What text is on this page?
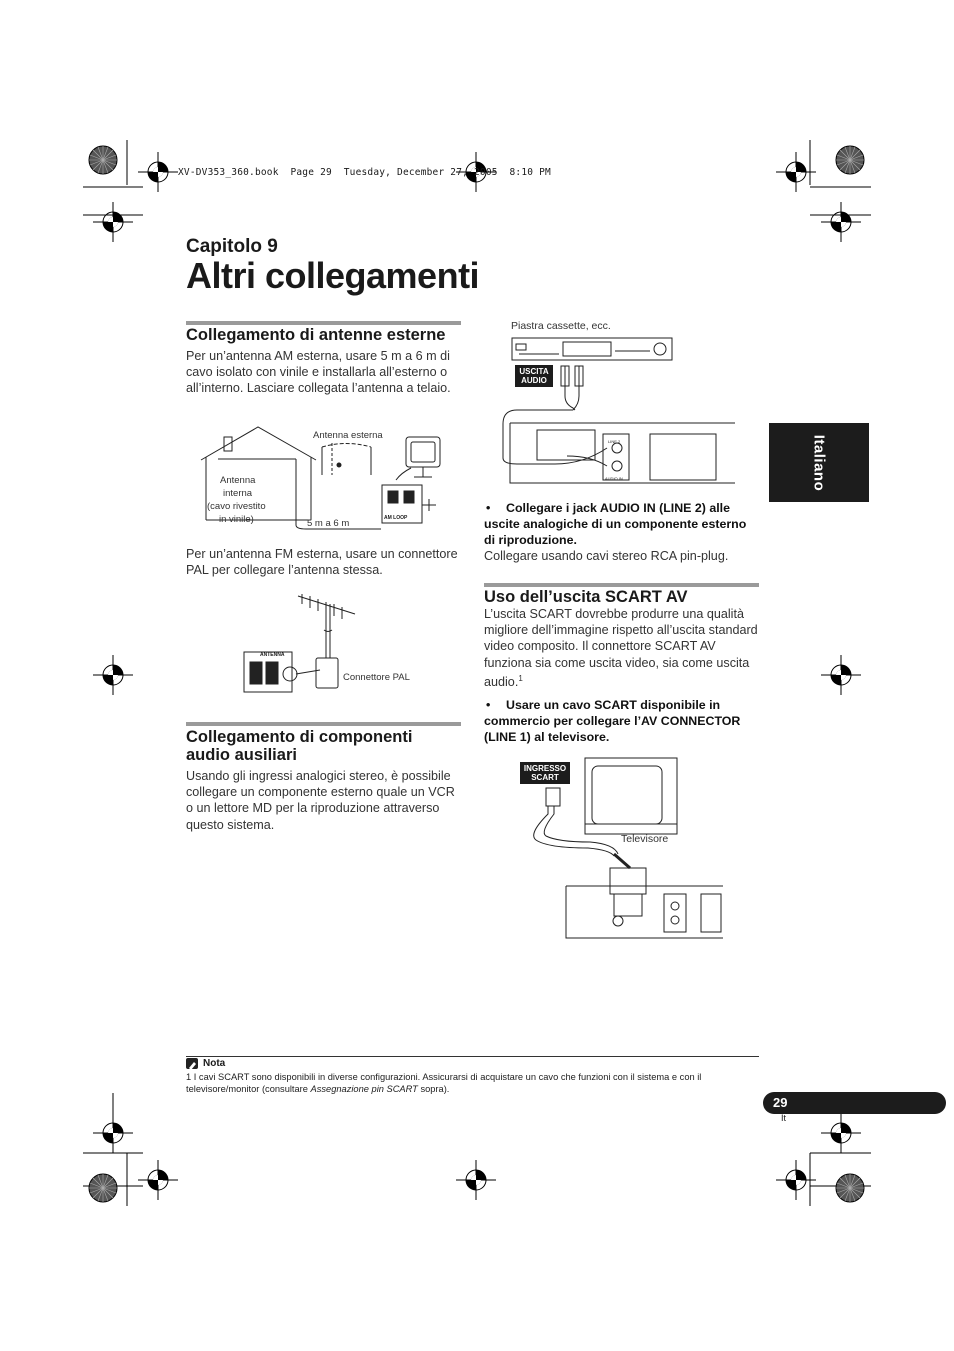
XV-DV353_360.book  Page 29  Tuesday, December 27, 2005  8:10 PM
Capitolo 9
Altri collegamenti
Italiano
Collegamento di antenne esterne
Per un’antenna AM esterna, usare 5 m a 6 m di cavo isolato con vinile e installarla all’esterno o all’interno. Lasciare collegata l’antenna a telaio.
Antenna esterna
Antenna
interna
(cavo rivestito
in vinile)	5 m a 6 m	AM LOOP
Per un’antenna FM esterna, usare un connettore PAL per collegare l’antenna stessa.
ANTENNA
Connettore PAL
Collegamento di componenti
audio ausiliari
Usando gli ingressi analogici stereo, è possibile collegare un componente esterno quale un VCR o un lettore MD per la riproduzione attraverso questo sistema.
Piastra cassette, ecc.
USCITA
AUDIO
LINE 2
AUDIO IN
•	Collegare i jack AUDIO IN (LINE 2) alle uscite analogiche di un componente esterno di riproduzione.
Collegare usando cavi stereo RCA pin-plug.
Uso dell’uscita SCART AV
L’uscita SCART dovrebbe produrre una qualità migliore dell’immagine rispetto all’uscita standard video composito. Il connettore SCART AV funziona sia come uscita video, sia come uscita audio.$^1$
•	Usare un cavo SCART disponibile in commercio per collegare l’AV CONNECTOR (LINE 1) al televisore.
INGRESSO
SCART
Televisore
Nota
1 I cavi SCART sono disponibili in diverse configurazioni. Assicurarsi di acquistare un cavo che funzioni con il sistema e con il televisore/monitor (consultare Assegnazione pin SCART sopra).
29
It
